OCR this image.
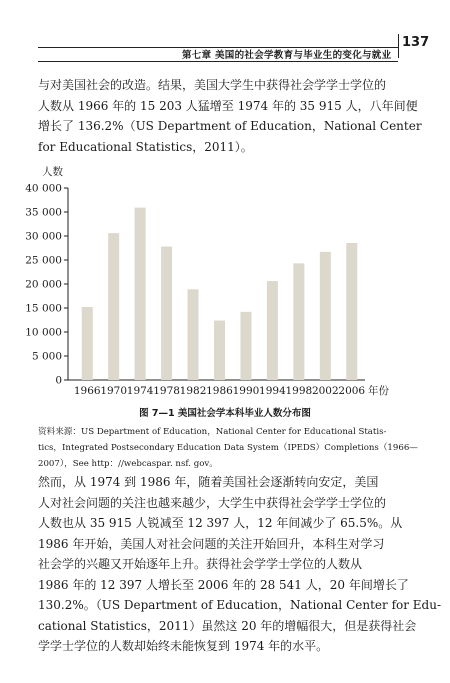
第七章 美国的社会学教育与毕业生的变化与就业
137
与对美国社会的改造。结果，美国大学生中获得社会学学士学位的
人数从 1966 年的 15 203 人猛增至 1974 年的 35 915 人，八年间便
增长了 136.2%（US Department of Education，National Center
for Educational Statistics，2011）。
人数
0
5 000
10 000
15 000
20 000
25 000
30 000
35 000
40 000
1966 1970 1974 1978 1982 1986 1990 1994 1998 2002 2006 年份
图 7—1 美国社会学本科毕业人数分布图
资料来源：US Department of Education，National Center for Educational Statis-
tics，Integrated Postsecondary Education Data System（IPEDS）Completions（1966—
2007），See http：//webcaspar. nsf. gov。
然而，从 1974 到 1986 年，随着美国社会逐渐转向安定，美国
人对社会问题的关注也越来越少，大学生中获得社会学学士学位的
人数也从 35 915 人锐减至 12 397 人，12 年间减少了 65.5%。从
1986 年开始，美国人对社会问题的关注开始回升，本科生对学习
社会学的兴趣又开始逐年上升。获得社会学学士学位的人数从
1986 年的 12 397 人增长至 2006 年的 28 541 人，20 年间增长了
130.2%。（US Department of Education，National Center for Edu-
cational Statistics，2011）虽然这 20 年的增幅很大，但是获得社会
学学士学位的人数却始终未能恢复到 1974 年的水平。
